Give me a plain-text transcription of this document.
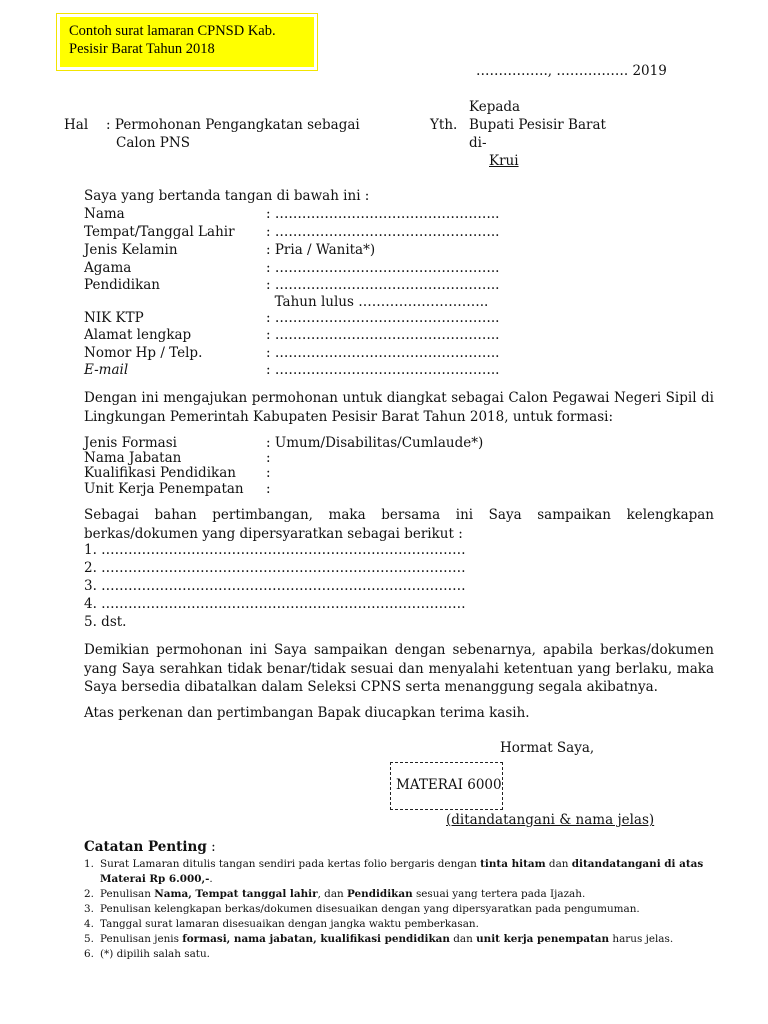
Contoh surat lamaran CPNSD Kab.
Pesisir Barat Tahun 2018
……………., ……………. 2019
Hal : Permohonan Pengangkatan sebagai
Calon PNS
Kepada
Yth. Bupati Pesisir Barat
di-
Krui
Saya yang bertanda tangan di bawah ini :
Nama	: …………………………………………..
Tempat/Tanggal Lahir : …………………………………………..
Jenis Kelamin	: Pria / Wanita*)
Agama	: …………………………………………..
Pendidikan	: …………………………………………..
Tahun lulus ………………………..
NIK KTP	: …………………………………………..
Alamat lengkap	: …………………………………………..
Nomor Hp / Telp.	: …………………………………………..
E-mail	: …………………………………………..
Dengan ini mengajukan permohonan untuk diangkat sebagai Calon Pegawai Negeri Sipil di Lingkungan Pemerintah Kabupaten Pesisir Barat Tahun 2018, untuk formasi:
Jenis Formasi	: Umum/Disabilitas/Cumlaude*)
Nama Jabatan	:
Kualifikasi Pendidikan :
Unit Kerja Penempatan :
Sebagai bahan pertimbangan, maka bersama ini Saya sampaikan kelengkapan berkas/dokumen yang dipersyaratkan sebagai berikut :
1. ………………………………………………………………………
2. ………………………………………………………………………
3. ………………………………………………………………………
4. ………………………………………………………………………
5. dst.
Demikian permohonan ini Saya sampaikan dengan sebenarnya, apabila berkas/dokumen yang Saya serahkan tidak benar/tidak sesuai dan menyalahi ketentuan yang berlaku, maka Saya bersedia dibatalkan dalam Seleksi CPNS serta menanggung segala akibatnya.
Atas perkenan dan pertimbangan Bapak diucapkan terima kasih.
Hormat Saya,
MATERAI 6000
(ditandatangani & nama jelas)
Catatan Penting :
1. Surat Lamaran ditulis tangan sendiri pada kertas folio bergaris dengan tinta hitam dan ditandatangani di atas Materai Rp 6.000,-.
2. Penulisan Nama, Tempat tanggal lahir, dan Pendidikan sesuai yang tertera pada Ijazah.
3. Penulisan kelengkapan berkas/dokumen disesuaikan dengan yang dipersyaratkan pada pengumuman.
4. Tanggal surat lamaran disesuaikan dengan jangka waktu pemberkasan.
5. Penulisan jenis formasi, nama jabatan, kualifikasi pendidikan dan unit kerja penempatan harus jelas.
6. (*) dipilih salah satu.
